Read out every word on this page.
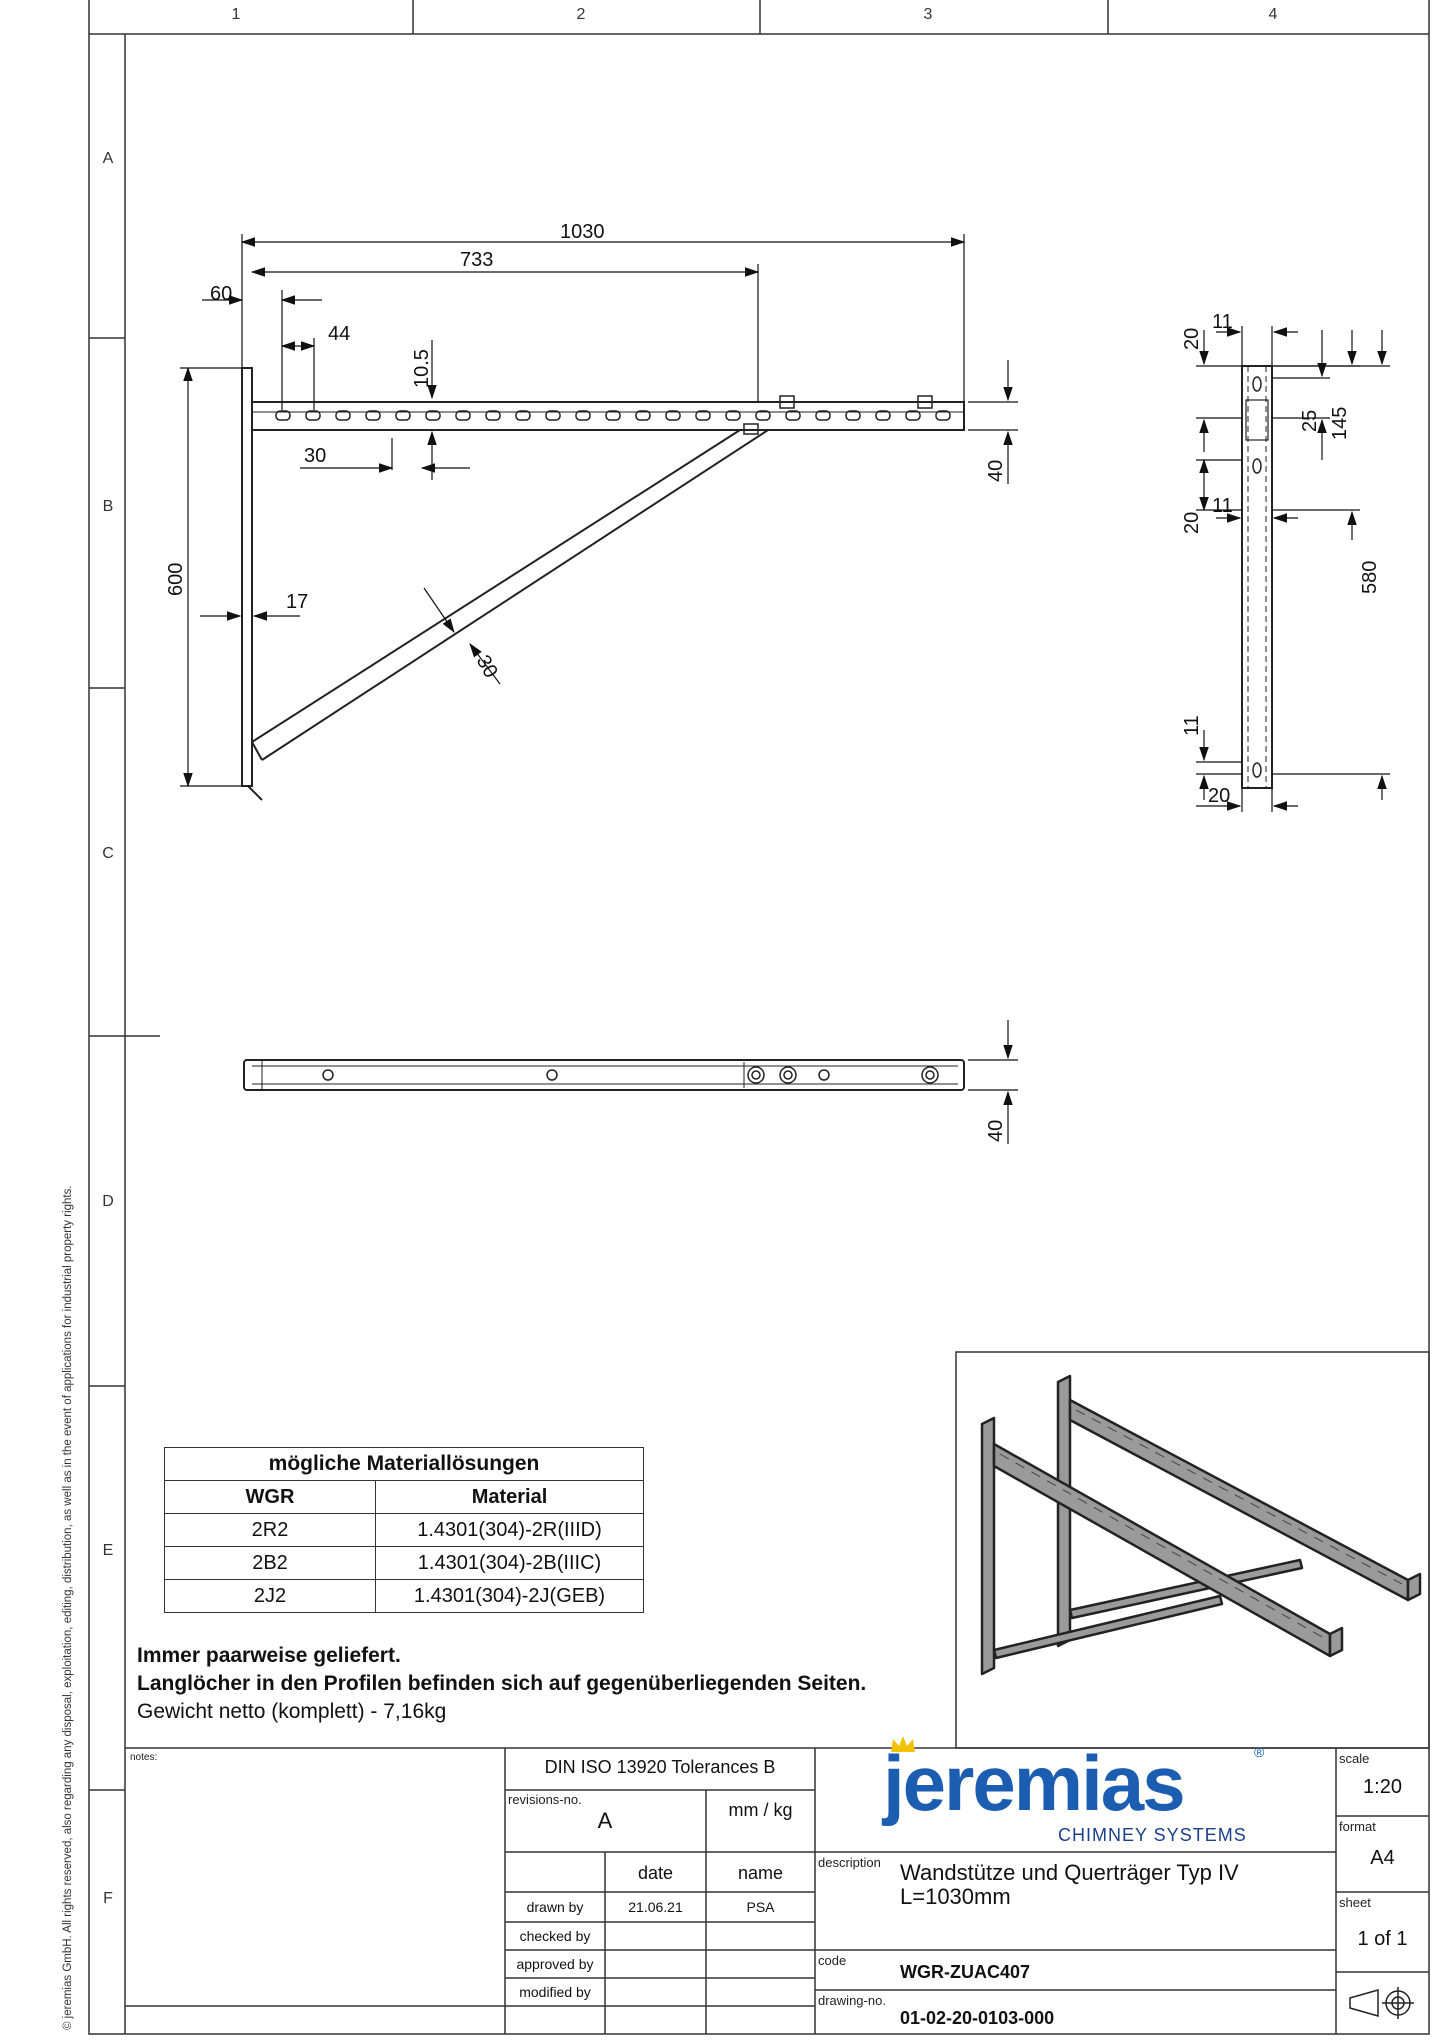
1	2	3	4
A
B
C
D
E
F
© jeremias GmbH. All rights reserved, also regarding any disposal, exploitation, editing, distribution, as well as in the event of applications for industrial property rights.
1030
733
60
44
10.5
30
40
600
17
30
20
11
25 145
20
11
580
11
20
40
mögliche Materiallösungen	
WGR	Material
2R2	1.4301(304)-2R(IIID)
2B2	1.4301(304)-2B(IIIC)
2J2	1.4301(304)-2J(GEB)
Immer paarweise geliefert.
Langlöcher in den Profilen befinden sich auf gegenüberliegenden Seiten.
Gewicht netto (komplett) - 7,16kg
notes:	DIN ISO 13920 Tolerances B
revisions-no.
A	mm / kg
date	name
drawn by	21.06.21	PSA
checked by
approved by
modified by
jeremias	®
CHIMNEY SYSTEMS
description Wandstütze und Querträger Typ IV
L=1030mm
code
WGR-ZUAC407
drawing-no.
01-02-20-0103-000
scale
1:20
format
A4
sheet
1 of 1
